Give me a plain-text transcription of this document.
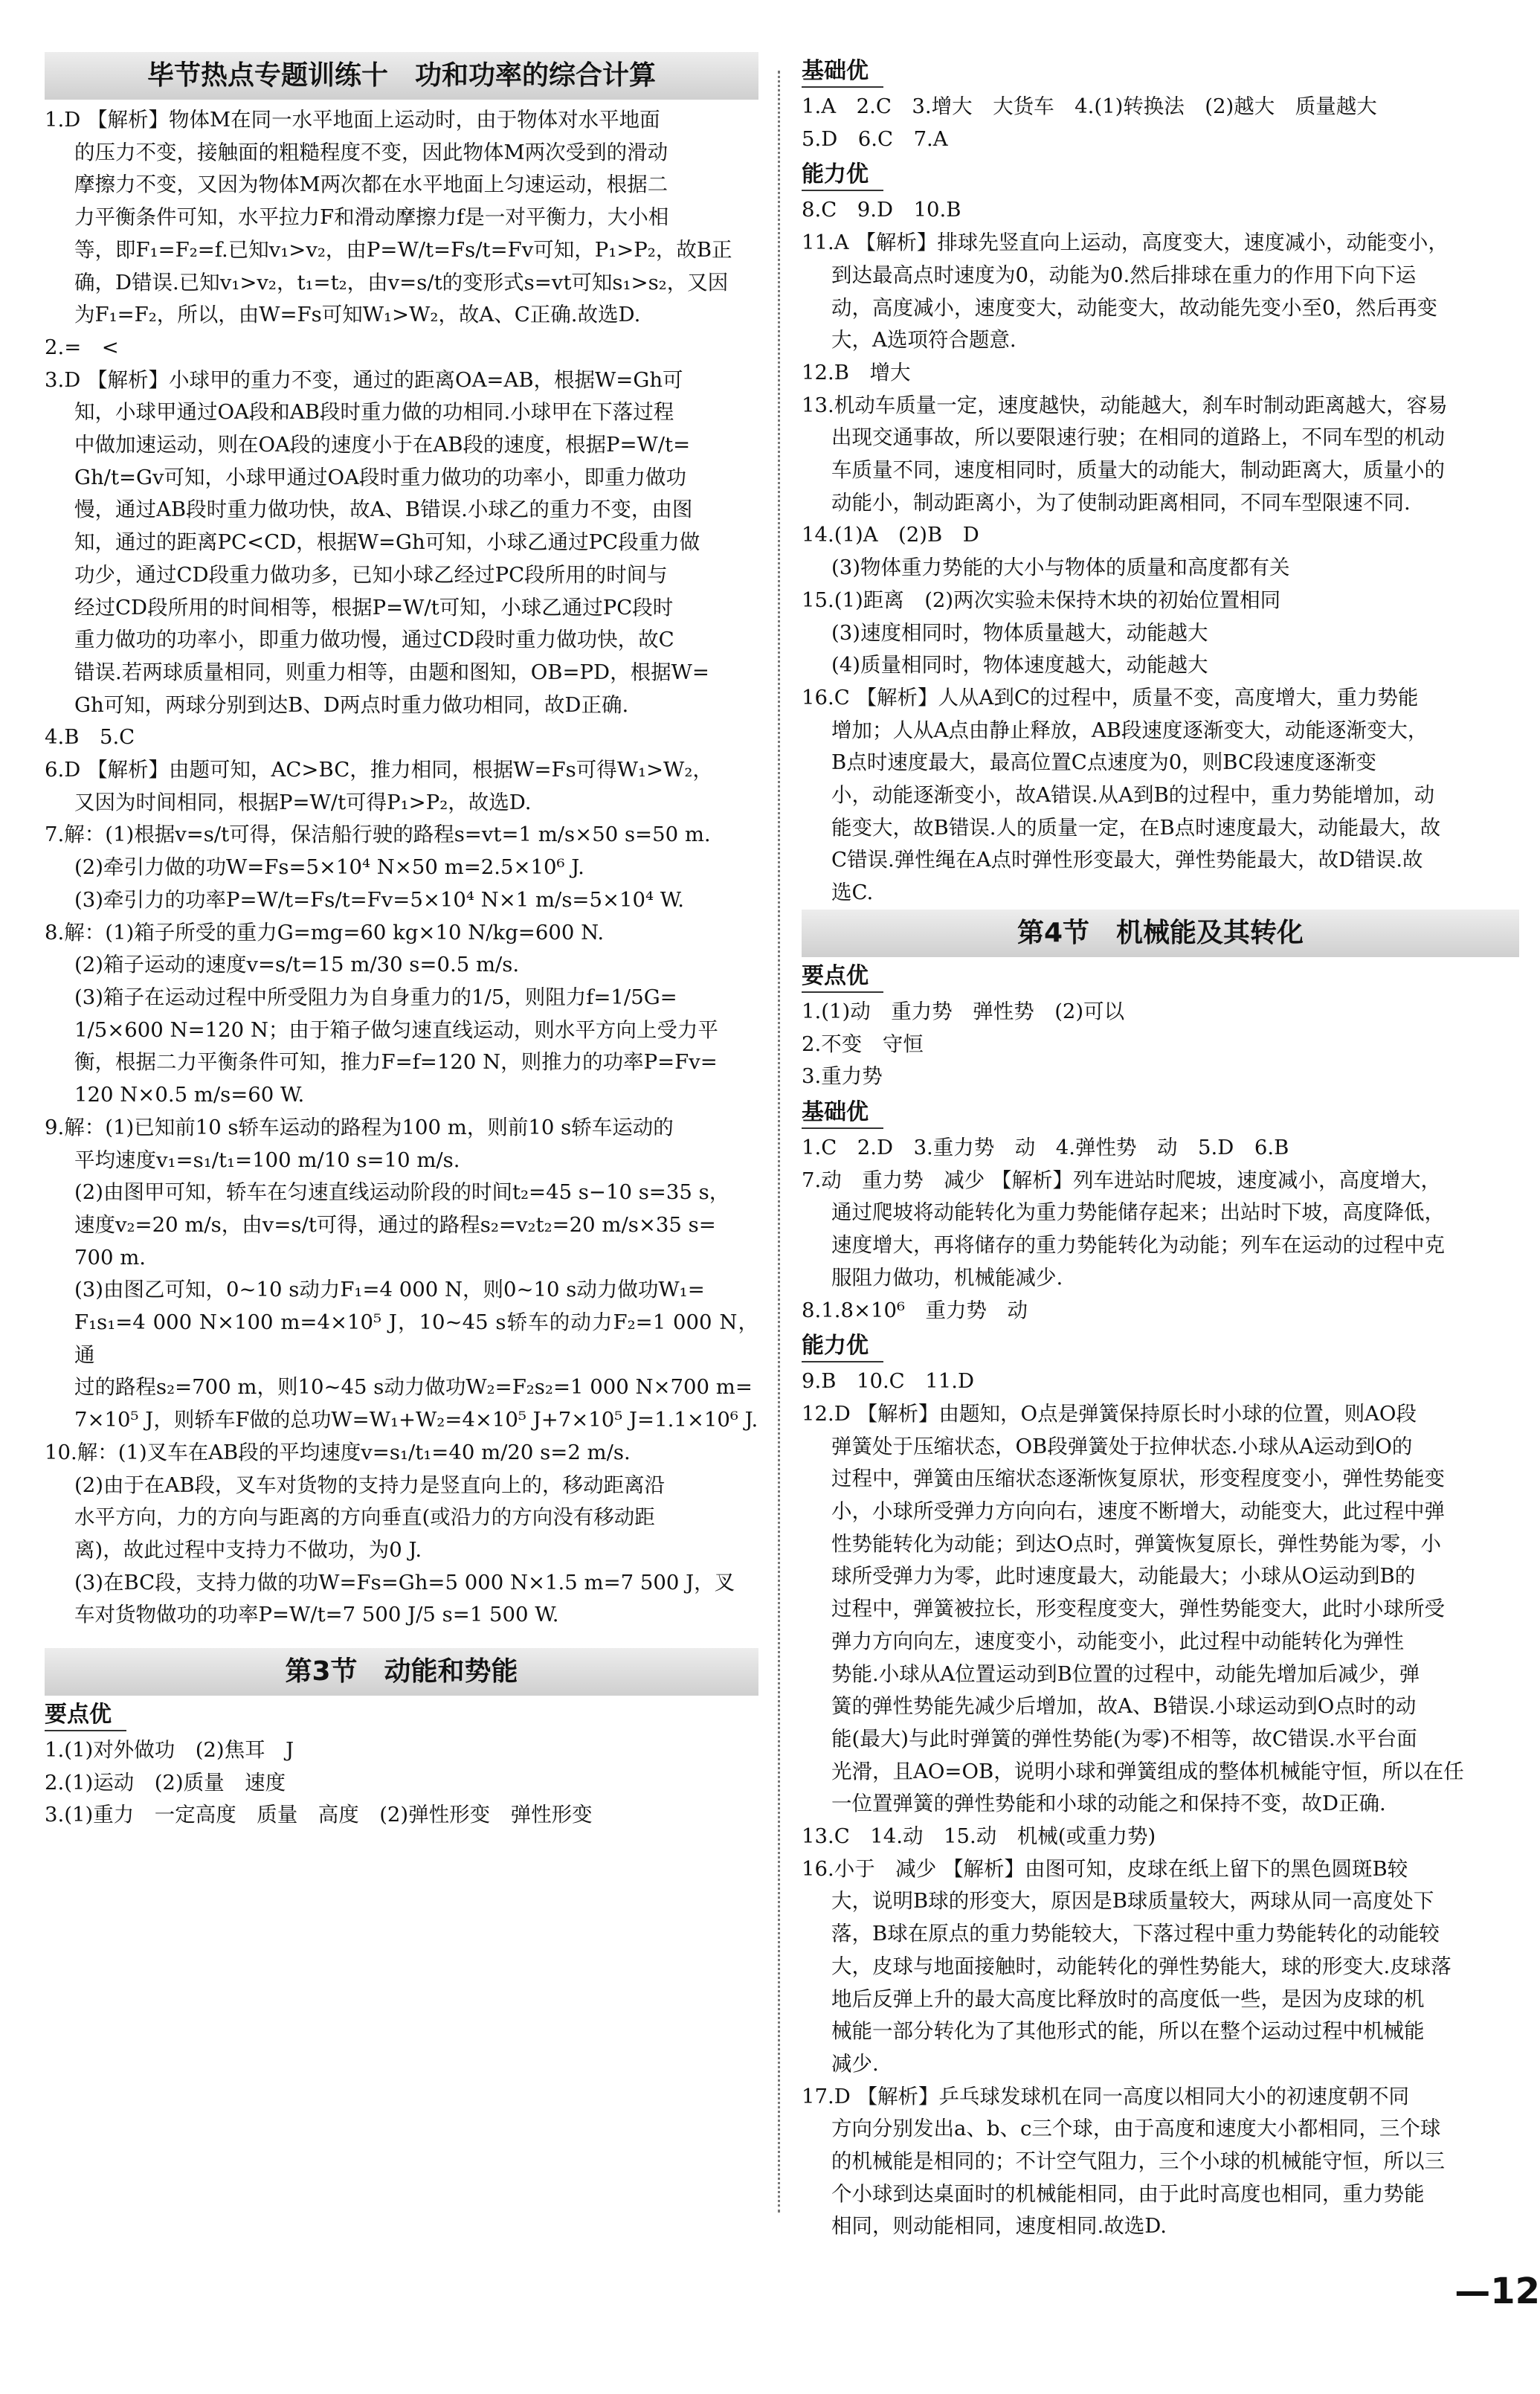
毕节热点专题训练十　功和功率的综合计算

1.D 【解析】物体M在同一水平地面上运动时，由于物体对水平地面

的压力不变，接触面的粗糙程度不变，因此物体M两次受到的滑动

摩擦力不变，又因为物体M两次都在水平地面上匀速运动，根据二

力平衡条件可知，水平拉力F和滑动摩擦力f是一对平衡力，大小相

等，即F₁=F₂=f.已知v₁>v₂，由P=W/t=Fs/t=Fv可知，P₁>P₂，故B正

确，D错误.已知v₁>v₂，t₁=t₂，由v=s/t的变形式s=vt可知s₁>s₂，又因

为F₁=F₂，所以，由W=Fs可知W₁>W₂，故A、C正确.故选D.

2.=　<

3.D 【解析】小球甲的重力不变，通过的距离OA=AB，根据W=Gh可

知，小球甲通过OA段和AB段时重力做的功相同.小球甲在下落过程

中做加速运动，则在OA段的速度小于在AB段的速度，根据P=W/t=

Gh/t=Gv可知，小球甲通过OA段时重力做功的功率小，即重力做功

慢，通过AB段时重力做功快，故A、B错误.小球乙的重力不变，由图

知，通过的距离PC<CD，根据W=Gh可知，小球乙通过PC段重力做

功少，通过CD段重力做功多，已知小球乙经过PC段所用的时间与

经过CD段所用的时间相等，根据P=W/t可知，小球乙通过PC段时

重力做功的功率小，即重力做功慢，通过CD段时重力做功快，故C

错误.若两球质量相同，则重力相等，由题和图知，OB=PD，根据W=

Gh可知，两球分别到达B、D两点时重力做功相同，故D正确.

4.B　5.C

6.D 【解析】由题可知，AC>BC，推力相同，根据W=Fs可得W₁>W₂，

又因为时间相同，根据P=W/t可得P₁>P₂，故选D.

7.解：(1)根据v=s/t可得，保洁船行驶的路程s=vt=1 m/s×50 s=50 m.

(2)牵引力做的功W=Fs=5×10⁴ N×50 m=2.5×10⁶ J.

(3)牵引力的功率P=W/t=Fs/t=Fv=5×10⁴ N×1 m/s=5×10⁴ W.

8.解：(1)箱子所受的重力G=mg=60 kg×10 N/kg=600 N.

(2)箱子运动的速度v=s/t=15 m/30 s=0.5 m/s.

(3)箱子在运动过程中所受阻力为自身重力的1/5，则阻力f=1/5G=

1/5×600 N=120 N；由于箱子做匀速直线运动，则水平方向上受力平

衡，根据二力平衡条件可知，推力F=f=120 N，则推力的功率P=Fv=

120 N×0.5 m/s=60 W.

9.解：(1)已知前10 s轿车运动的路程为100 m，则前10 s轿车运动的

平均速度v₁=s₁/t₁=100 m/10 s=10 m/s.

(2)由图甲可知，轿车在匀速直线运动阶段的时间t₂=45 s−10 s=35 s，

速度v₂=20 m/s，由v=s/t可得，通过的路程s₂=v₂t₂=20 m/s×35 s=

700 m.

(3)由图乙可知，0~10 s动力F₁=4 000 N，则0~10 s动力做功W₁=

F₁s₁=4 000 N×100 m=4×10⁵ J，10~45 s轿车的动力F₂=1 000 N，通

过的路程s₂=700 m，则10~45 s动力做功W₂=F₂s₂=1 000 N×700 m=

7×10⁵ J，则轿车F做的总功W=W₁+W₂=4×10⁵ J+7×10⁵ J=1.1×10⁶ J.

10.解：(1)叉车在AB段的平均速度v=s₁/t₁=40 m/20 s=2 m/s.

(2)由于在AB段，叉车对货物的支持力是竖直向上的，移动距离沿

水平方向，力的方向与距离的方向垂直(或沿力的方向没有移动距

离)，故此过程中支持力不做功，为0 J.

(3)在BC段，支持力做的功W=Fs=Gh=5 000 N×1.5 m=7 500 J，叉

车对货物做功的功率P=W/t=7 500 J/5 s=1 500 W.

第3节　动能和势能
要点优

1.(1)对外做功　(2)焦耳　J

2.(1)运动　(2)质量　速度

3.(1)重力　一定高度　质量　高度　(2)弹性形变　弹性形变

基础优

1.A　2.C　3.增大　大货车　4.(1)转换法　(2)越大　质量越大

5.D　6.C　7.A

能力优

8.C　9.D　10.B

11.A 【解析】排球先竖直向上运动，高度变大，速度减小，动能变小，

到达最高点时速度为0，动能为0.然后排球在重力的作用下向下运

动，高度减小，速度变大，动能变大，故动能先变小至0，然后再变

大，A选项符合题意.

12.B　增大

13.机动车质量一定，速度越快，动能越大，刹车时制动距离越大，容易

出现交通事故，所以要限速行驶；在相同的道路上，不同车型的机动

车质量不同，速度相同时，质量大的动能大，制动距离大，质量小的

动能小，制动距离小，为了使制动距离相同，不同车型限速不同.

14.(1)A　(2)B　D

(3)物体重力势能的大小与物体的质量和高度都有关

15.(1)距离　(2)两次实验未保持木块的初始位置相同

(3)速度相同时，物体质量越大，动能越大

(4)质量相同时，物体速度越大，动能越大

16.C 【解析】人从A到C的过程中，质量不变，高度增大，重力势能

增加；人从A点由静止释放，AB段速度逐渐变大，动能逐渐变大，

B点时速度最大，最高位置C点速度为0，则BC段速度逐渐变

小，动能逐渐变小，故A错误.从A到B的过程中，重力势能增加，动

能变大，故B错误.人的质量一定，在B点时速度最大，动能最大，故

C错误.弹性绳在A点时弹性形变最大，弹性势能最大，故D错误.故

选C.

第4节　机械能及其转化
要点优

1.(1)动　重力势　弹性势　(2)可以

2.不变　守恒

3.重力势

基础优

1.C　2.D　3.重力势　动　4.弹性势　动　5.D　6.B

7.动　重力势　减少 【解析】列车进站时爬坡，速度减小，高度增大，

通过爬坡将动能转化为重力势能储存起来；出站时下坡，高度降低，

速度增大，再将储存的重力势能转化为动能；列车在运动的过程中克

服阻力做功，机械能减少.

8.1.8×10⁶　重力势　动

能力优

9.B　10.C　11.D

12.D 【解析】由题知，O点是弹簧保持原长时小球的位置，则AO段

弹簧处于压缩状态，OB段弹簧处于拉伸状态.小球从A运动到O的

过程中，弹簧由压缩状态逐渐恢复原状，形变程度变小，弹性势能变

小，小球所受弹力方向向右，速度不断增大，动能变大，此过程中弹

性势能转化为动能；到达O点时，弹簧恢复原长，弹性势能为零，小

球所受弹力为零，此时速度最大，动能最大；小球从O运动到B的

过程中，弹簧被拉长，形变程度变大，弹性势能变大，此时小球所受

弹力方向向左，速度变小，动能变小，此过程中动能转化为弹性

势能.小球从A位置运动到B位置的过程中，动能先增加后减少，弹

簧的弹性势能先减少后增加，故A、B错误.小球运动到O点时的动

能(最大)与此时弹簧的弹性势能(为零)不相等，故C错误.水平台面

光滑，且AO=OB，说明小球和弹簧组成的整体机械能守恒，所以在任

一位置弹簧的弹性势能和小球的动能之和保持不变，故D正确.

13.C　14.动　15.动　机械(或重力势)

16.小于　减少 【解析】由图可知，皮球在纸上留下的黑色圆斑B较

大，说明B球的形变大，原因是B球质量较大，两球从同一高度处下

落，B球在原点的重力势能较大，下落过程中重力势能转化的动能较

大，皮球与地面接触时，动能转化的弹性势能大，球的形变大.皮球落

地后反弹上升的最大高度比释放时的高度低一些，是因为皮球的机

械能一部分转化为了其他形式的能，所以在整个运动过程中机械能

减少.

17.D 【解析】乒乓球发球机在同一高度以相同大小的初速度朝不同

方向分别发出a、b、c三个球，由于高度和速度大小都相同，三个球

的机械能是相同的；不计空气阻力，三个小球的机械能守恒，所以三

个小球到达桌面时的机械能相同，由于此时高度也相同，重力势能

相同，则动能相同，速度相同.故选D.

—12
